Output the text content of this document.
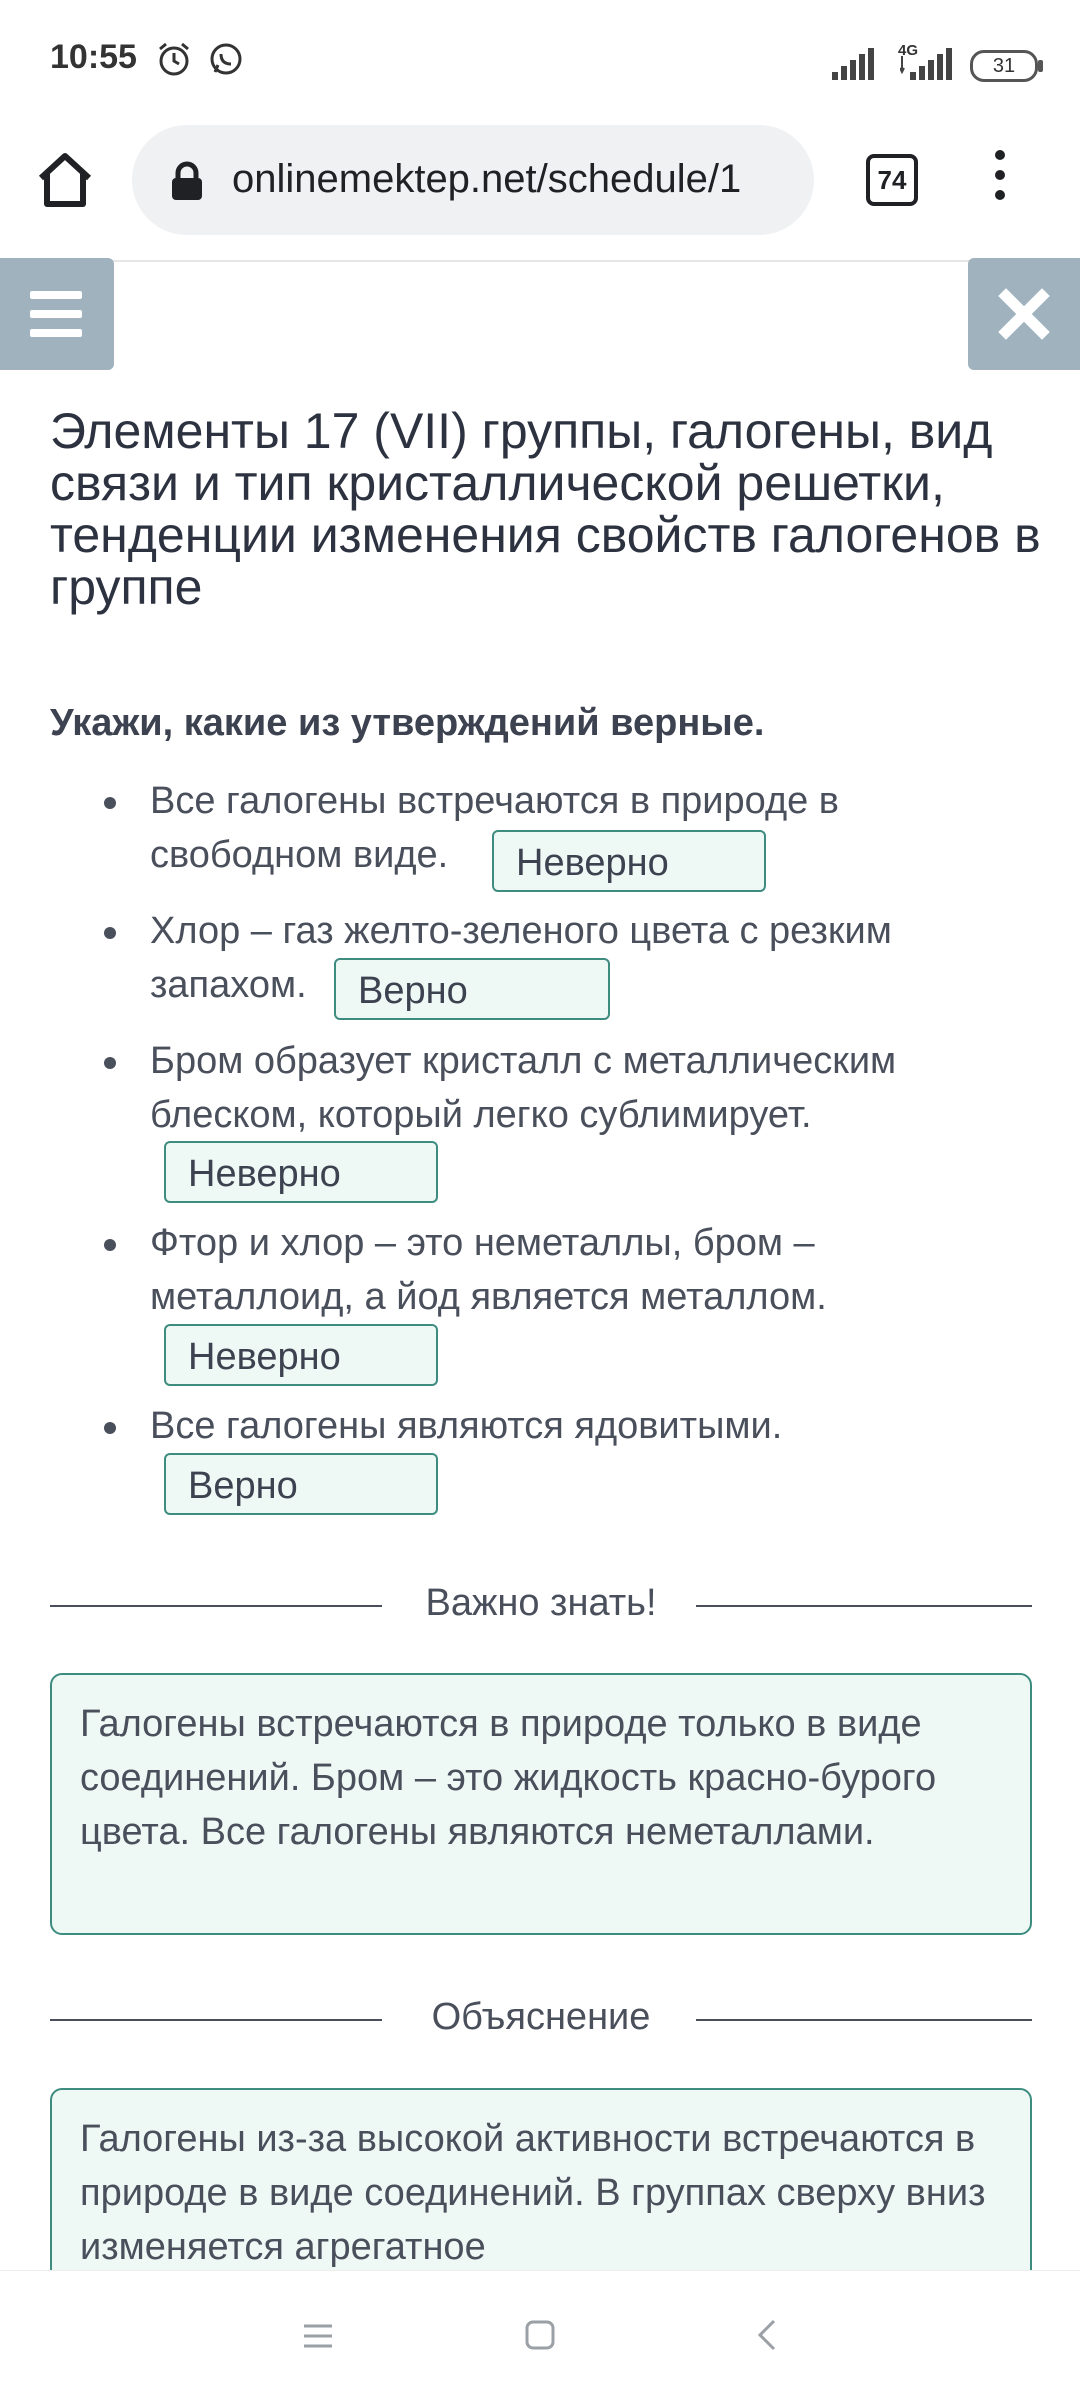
10:55	4G
31
onlinemektep.net/schedule/1	74
Элементы 17 (VII) группы, галогены, вид связи и тип кристаллической решетки, тенденции изменения свойств галогенов в группе
Укажи, какие из утверждений верные.
Все галогены встречаются в природе в свободном виде.	Неверно
Хлор – газ желто-зеленого цвета с резким запахом.	Верно
Бром образует кристалл с металлическим блеском, который легко сублимирует.
Неверно
Фтор и хлор – это неметаллы, бром – металлоид, а йод является металлом.
Неверно
Все галогены являются ядовитыми.
Верно
Важно знать!
Галогены встречаются в природе только в виде соединений. Бром – это жидкость красно-бурого цвета. Все галогены являются неметаллами.
Объяснение
Галогены из-за высокой активности встречаются в природе в виде соединений. В группах сверху вниз изменяется агрегатное
